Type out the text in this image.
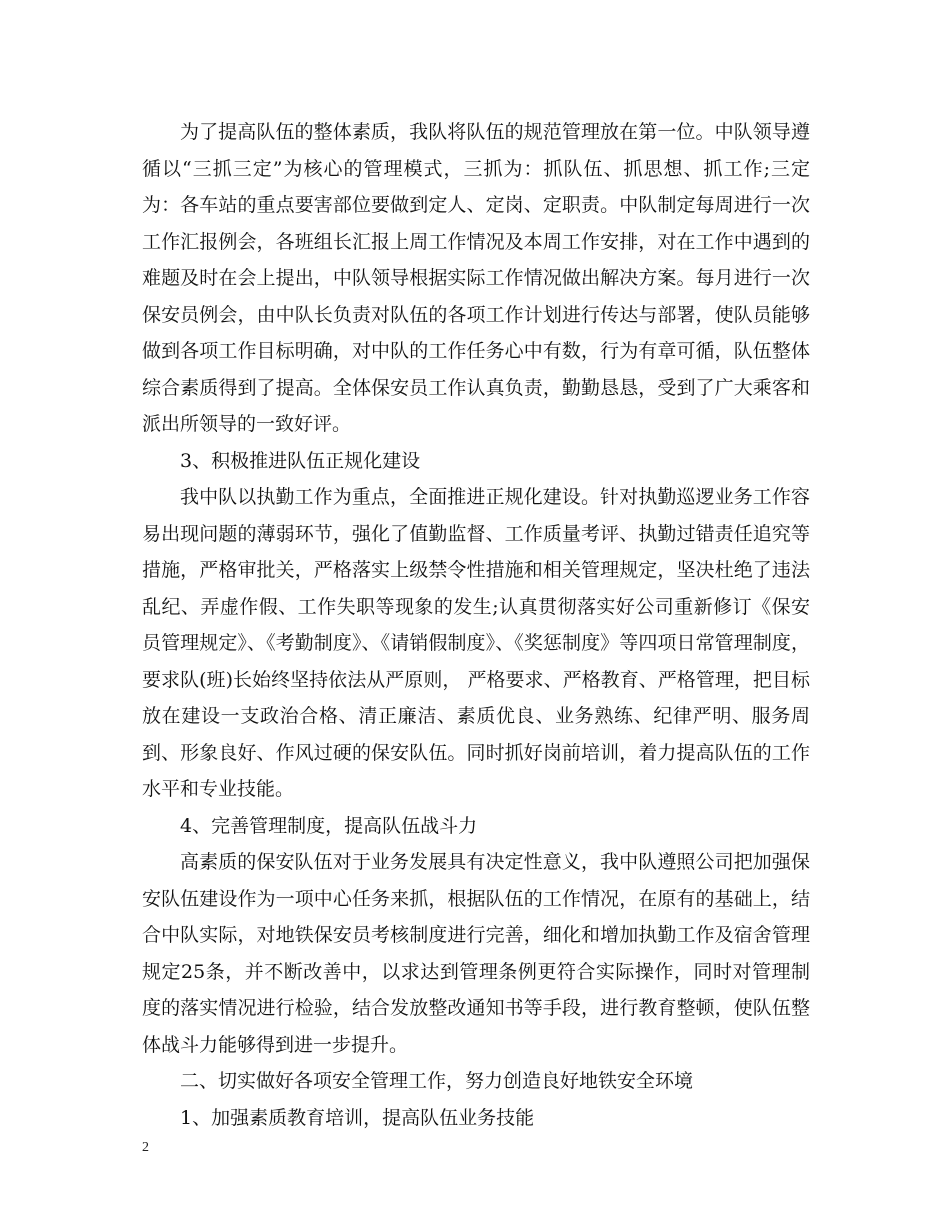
为了提高队伍的整体素质，我队将队伍的规范管理放在第一位。中队领导遵循以“三抓三定”为核心的管理模式，三抓为：抓队伍、抓思想、抓工作;三定为：各车站的重点要害部位要做到定人、定岗、定职责。中队制定每周进行一次工作汇报例会，各班组长汇报上周工作情况及本周工作安排，对在工作中遇到的难题及时在会上提出，中队领导根据实际工作情况做出解决方案。每月进行一次保安员例会，由中队长负责对队伍的各项工作计划进行传达与部署，使队员能够做到各项工作目标明确，对中队的工作任务心中有数，行为有章可循，队伍整体综合素质得到了提高。全体保安员工作认真负责，勤勤恳恳，受到了广大乘客和派出所领导的一致好评。

3、积极推进队伍正规化建设

我中队以执勤工作为重点，全面推进正规化建设。针对执勤巡逻业务工作容易出现问题的薄弱环节，强化了值勤监督、工作质量考评、执勤过错责任追究等措施，严格审批关，严格落实上级禁令性措施和相关管理规定，坚决杜绝了违法乱纪、弄虚作假、工作失职等现象的发生;认真贯彻落实好公司重新修订《保安员管理规定》、《考勤制度》、《请销假制度》、《奖惩制度》等四项日常管理制度， 要求队(班)长始终坚持依法从严原则， 严格要求、严格教育、严格管理，把目标放在建设一支政治合格、清正廉洁、素质优良、业务熟练、纪律严明、服务周到、形象良好、作风过硬的保安队伍。同时抓好岗前培训，着力提高队伍的工作水平和专业技能。

4、完善管理制度，提高队伍战斗力

高素质的保安队伍对于业务发展具有决定性意义，我中队遵照公司把加强保安队伍建设作为一项中心任务来抓，根据队伍的工作情况，在原有的基础上，结合中队实际，对地铁保安员考核制度进行完善，细化和增加执勤工作及宿舍管理规定25条，并不断改善中，以求达到管理条例更符合实际操作，同时对管理制度的落实情况进行检验，结合发放整改通知书等手段，进行教育整顿，使队伍整体战斗力能够得到进一步提升。

二、切实做好各项安全管理工作，努力创造良好地铁安全环境

1、加强素质教育培训，提高队伍业务技能

2
